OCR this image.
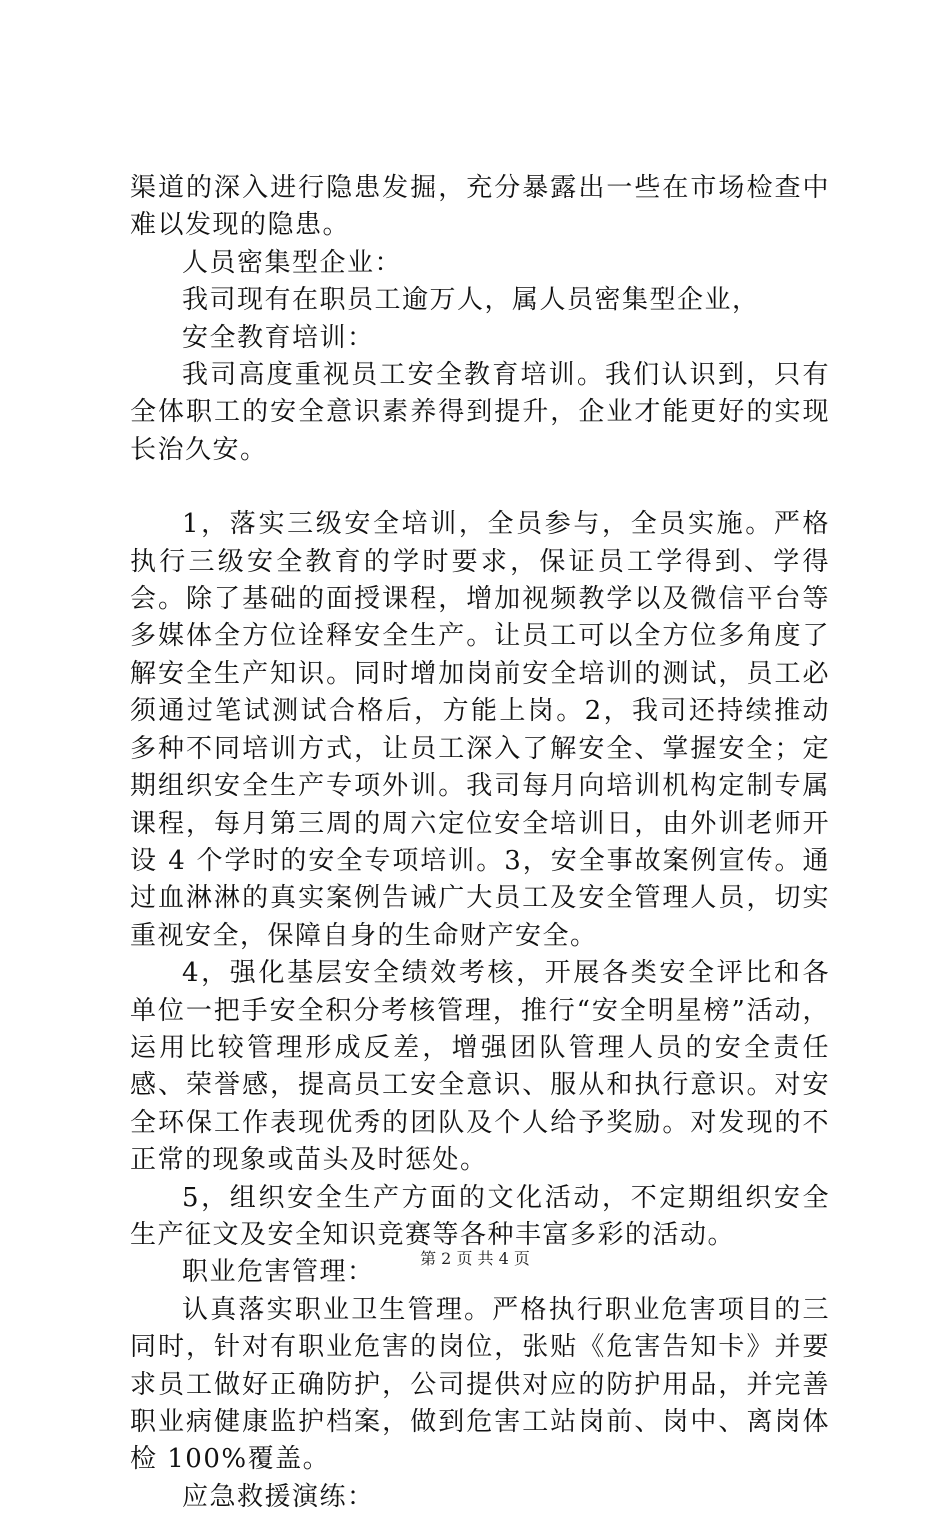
渠道的深入进行隐患发掘，充分暴露出一些在市场检查中难以发现的隐患。

人员密集型企业：

我司现有在职员工逾万人，属人员密集型企业，

安全教育培训：

我司高度重视员工安全教育培训。我们认识到，只有全体职工的安全意识素养得到提升，企业才能更好的实现长治久安。

1，落实三级安全培训，全员参与，全员实施。严格执行三级安全教育的学时要求，保证员工学得到、学得会。除了基础的面授课程，增加视频教学以及微信平台等多媒体全方位诠释安全生产。让员工可以全方位多角度了解安全生产知识。同时增加岗前安全培训的测试，员工必须通过笔试测试合格后，方能上岗。2，我司还持续推动多种不同培训方式，让员工深入了解安全、掌握安全；定期组织安全生产专项外训。我司每月向培训机构定制专属课程，每月第三周的周六定位安全培训日，由外训老师开设 4 个学时的安全专项培训。3，安全事故案例宣传。通过血淋淋的真实案例告诫广大员工及安全管理人员，切实重视安全，保障自身的生命财产安全。

4，强化基层安全绩效考核，开展各类安全评比和各单位一把手安全积分考核管理，推行“安全明星榜”活动，运用比较管理形成反差，增强团队管理人员的安全责任感、荣誉感，提高员工安全意识、服从和执行意识。对安全环保工作表现优秀的团队及个人给予奖励。对发现的不正常的现象或苗头及时惩处。

5，组织安全生产方面的文化活动，不定期组织安全生产征文及安全知识竞赛等各种丰富多彩的活动。

职业危害管理：

认真落实职业卫生管理。严格执行职业危害项目的三同时，针对有职业危害的岗位，张贴《危害告知卡》并要求员工做好正确防护，公司提供对应的防护用品，并完善职业病健康监护档案，做到危害工站岗前、岗中、离岗体检 100%覆盖。

应急救援演练：

第 2 页 共 4 页
